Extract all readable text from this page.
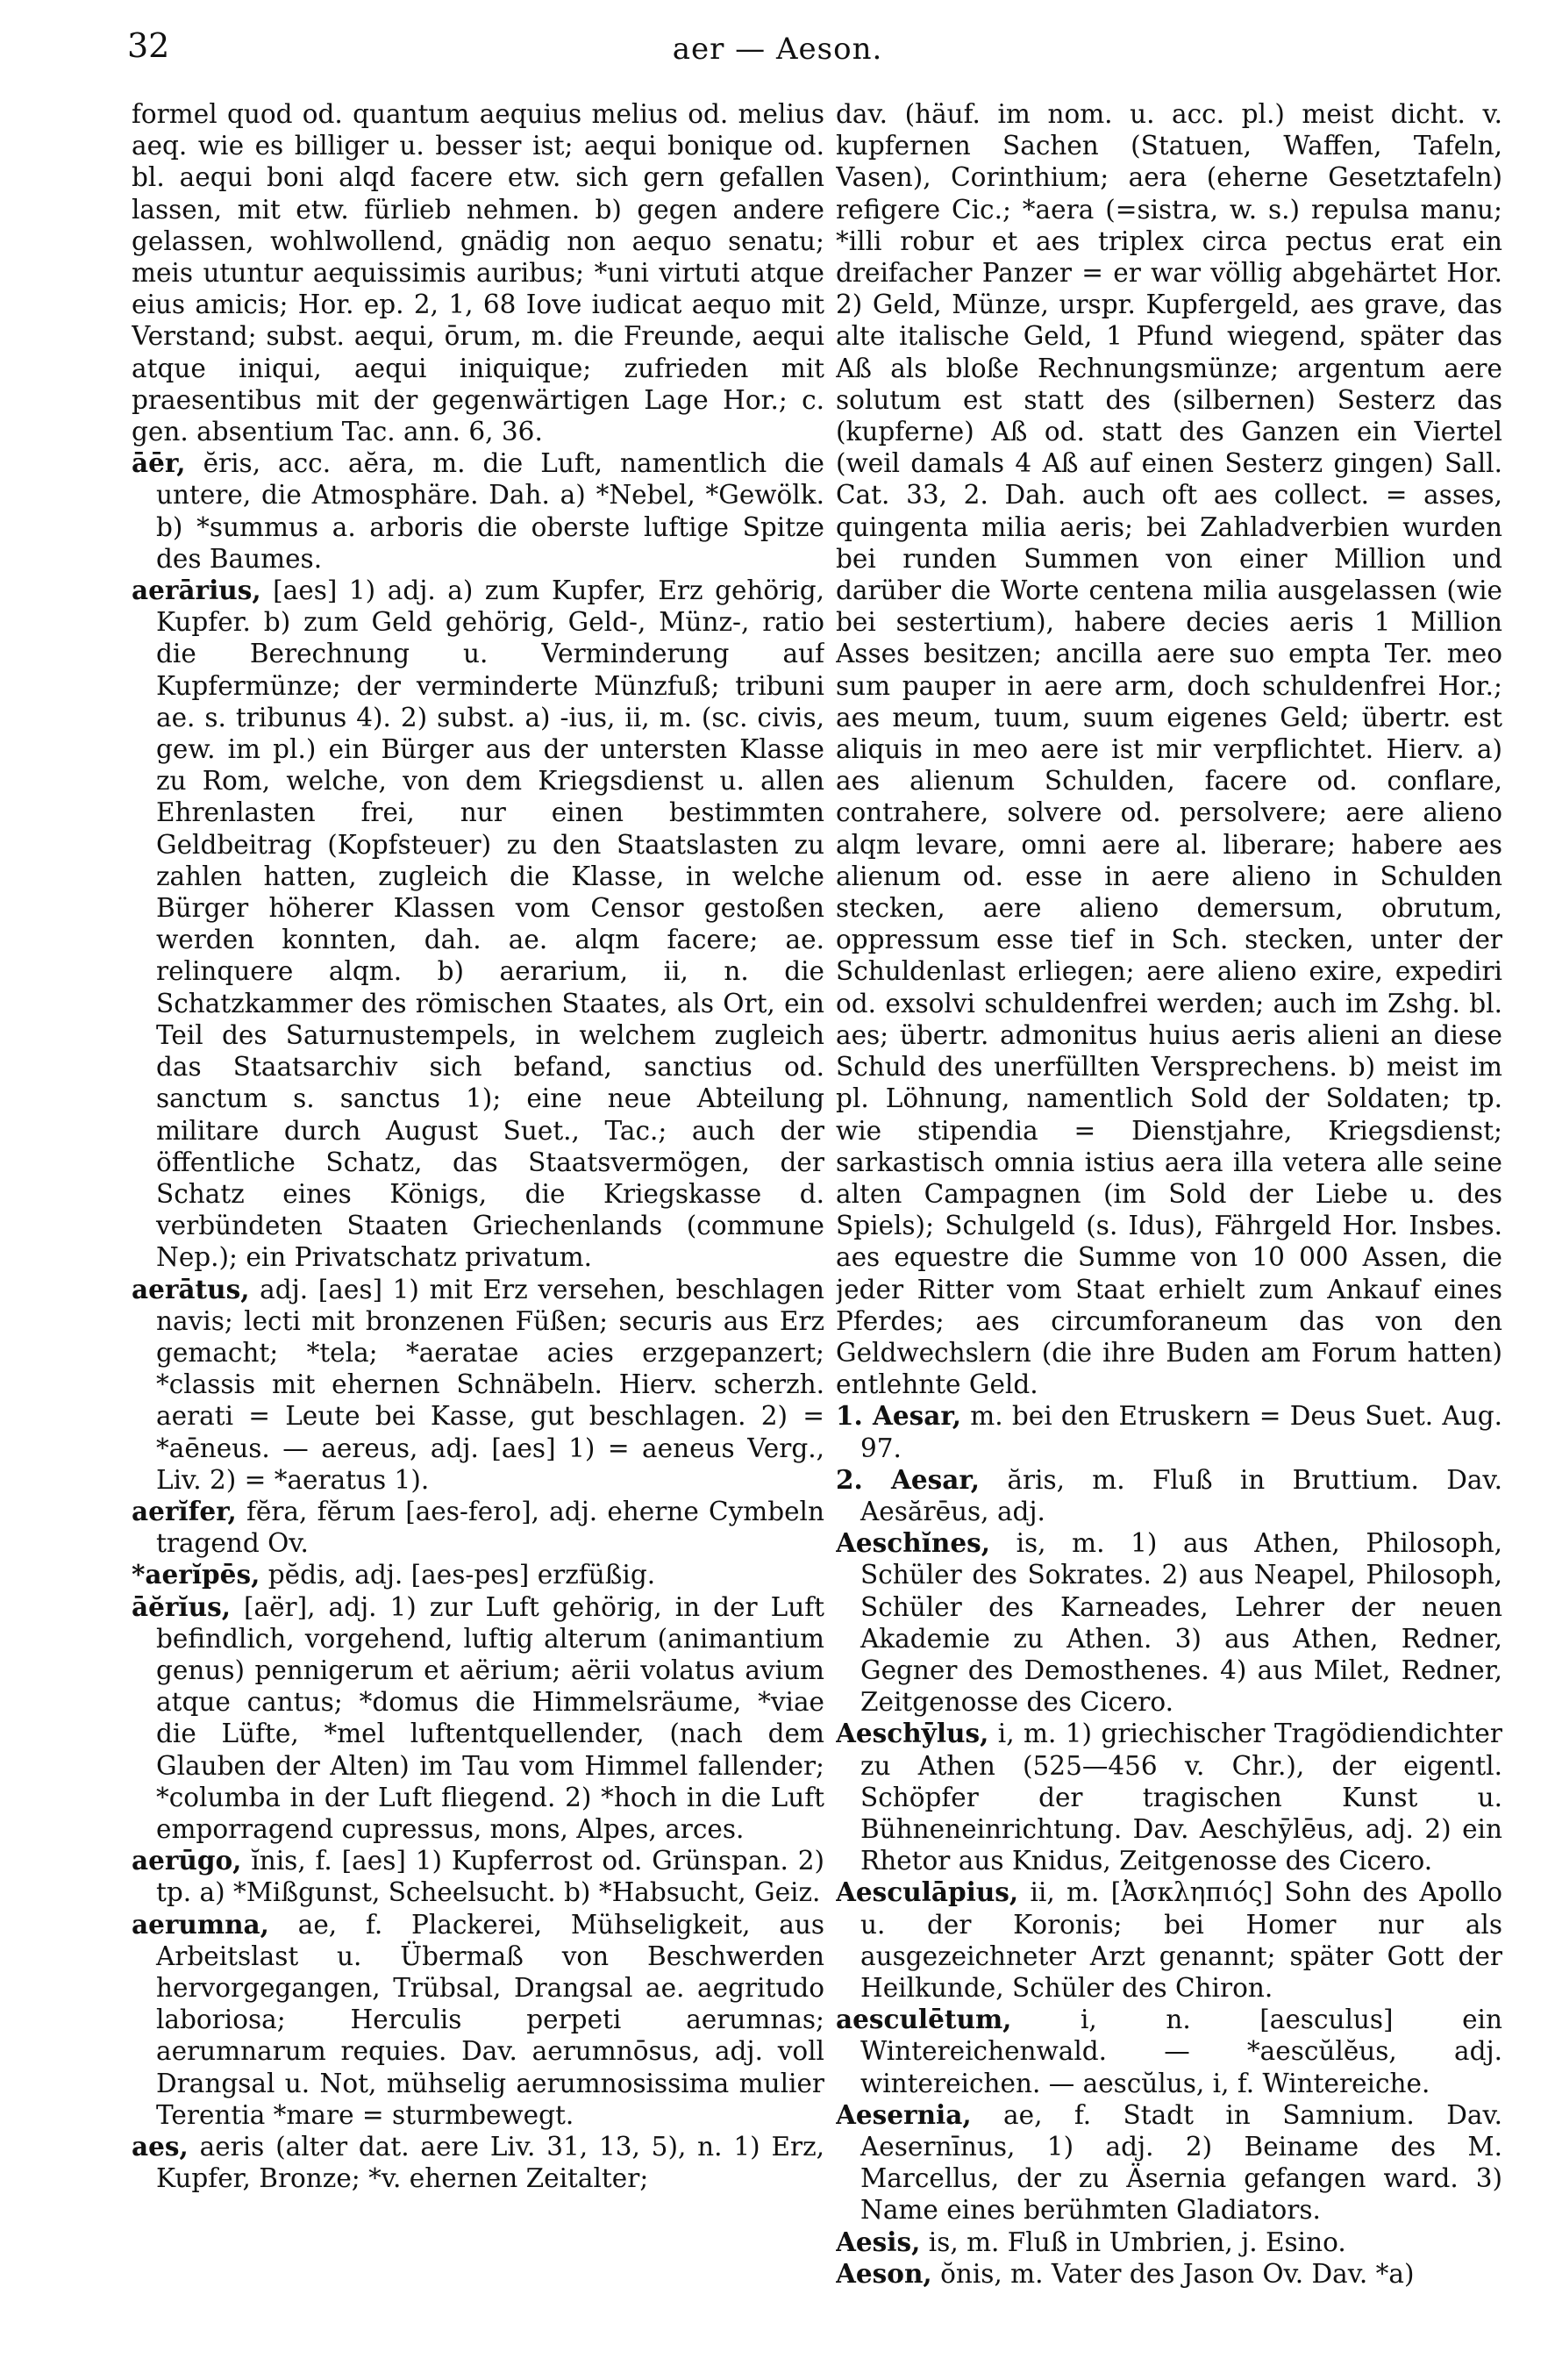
32	aer — Aeson.

formel quod od. quantum aequius melius od. melius aeq. wie es billiger u. besser ist; aequi bonique od. bl. aequi boni alqd facere etw. sich gern gefallen lassen, mit etw. fürlieb nehmen. b) gegen andere gelassen, wohlwollend, gnädig non aequo senatu; meis utuntur aequissimis auribus; *uni virtuti atque eius amicis; Hor. ep. 2, 1, 68 Iove iudicat aequo mit Verstand; subst. aequi, ōrum, m. die Freunde, aequi atque iniqui, aequi iniquique; zufrieden mit praesentibus mit der gegenwärtigen Lage Hor.; c. gen. absentium Tac. ann. 6, 36.

āēr, ĕris, acc. aĕra, m. die Luft, namentlich die untere, die Atmosphäre. Dah. a) *Nebel, *Gewölk. b) *summus a. arboris die oberste luftige Spitze des Baumes.

aerārius, [aes] 1) adj. a) zum Kupfer, Erz gehörig, Kupfer. b) zum Geld gehörig, Geld-, Münz-, ratio die Berechnung u. Verminderung auf Kupfermünze; der verminderte Münzfuß; tribuni ae. s. tribunus 4). 2) subst. a) -ius, ii, m. (sc. civis, gew. im pl.) ein Bürger aus der untersten Klasse zu Rom, welche, von dem Kriegsdienst u. allen Ehrenlasten frei, nur einen bestimmten Geldbeitrag (Kopfsteuer) zu den Staatslasten zu zahlen hatten, zugleich die Klasse, in welche Bürger höherer Klassen vom Censor gestoßen werden konnten, dah. ae. alqm facere; ae. relinquere alqm. b) aerarium, ii, n. die Schatzkammer des römischen Staates, als Ort, ein Teil des Saturnustempels, in welchem zugleich das Staatsarchiv sich befand, sanctius od. sanctum s. sanctus 1); eine neue Abteilung militare durch August Suet., Tac.; auch der öffentliche Schatz, das Staatsvermögen, der Schatz eines Königs, die Kriegskasse d. verbündeten Staaten Griechenlands (commune Nep.); ein Privatschatz privatum.

aerātus, adj. [aes] 1) mit Erz versehen, beschlagen navis; lecti mit bronzenen Füßen; securis aus Erz gemacht; *tela; *aeratae acies erzgepanzert; *classis mit ehernen Schnäbeln. Hierv. scherzh. aerati = Leute bei Kasse, gut beschlagen. 2) = *aēneus. — aereus, adj. [aes] 1) = aeneus Verg., Liv. 2) = *aeratus 1).

aerĭfer, fĕra, fĕrum [aes-fero], adj. eherne Cymbeln tragend Ov.

*aerĭpēs, pĕdis, adj. [aes-pes] erzfüßig.

āĕrĭus, [aër], adj. 1) zur Luft gehörig, in der Luft befindlich, vorgehend, luftig alterum (animantium genus) pennigerum et aërium; aërii volatus avium atque cantus; *domus die Himmelsräume, *viae die Lüfte, *mel luftentquellender, (nach dem Glauben der Alten) im Tau vom Himmel fallender; *columba in der Luft fliegend. 2) *hoch in die Luft emporragend cupressus, mons, Alpes, arces.

aerūgo, ĭnis, f. [aes] 1) Kupferrost od. Grünspan. 2) tp. a) *Mißgunst, Scheelsucht. b) *Habsucht, Geiz.

aerumna, ae, f. Plackerei, Mühseligkeit, aus Arbeitslast u. Übermaß von Beschwerden hervorgegangen, Trübsal, Drangsal ae. aegritudo laboriosa; Herculis perpeti aerumnas; aerumnarum requies. Dav. aerumnōsus, adj. voll Drangsal u. Not, mühselig aerumnosissima mulier Terentia *mare = sturmbewegt.

aes, aeris (alter dat. aere Liv. 31, 13, 5), n. 1) Erz, Kupfer, Bronze; *v. ehernen Zeitalter;

dav. (häuf. im nom. u. acc. pl.) meist dicht. v. kupfernen Sachen (Statuen, Waffen, Tafeln, Vasen), Corinthium; aera (eherne Gesetztafeln) refigere Cic.; *aera (=sistra, w. s.) repulsa manu; *illi robur et aes triplex circa pectus erat ein dreifacher Panzer = er war völlig abgehärtet Hor. 2) Geld, Münze, urspr. Kupfergeld, aes grave, das alte italische Geld, 1 Pfund wiegend, später das Aß als bloße Rechnungsmünze; argentum aere solutum est statt des (silbernen) Sesterz das (kupferne) Aß od. statt des Ganzen ein Viertel (weil damals 4 Aß auf einen Sesterz gingen) Sall. Cat. 33, 2. Dah. auch oft aes collect. = asses, quingenta milia aeris; bei Zahladverbien wurden bei runden Summen von einer Million und darüber die Worte centena milia ausgelassen (wie bei sestertium), habere decies aeris 1 Million Asses besitzen; ancilla aere suo empta Ter. meo sum pauper in aere arm, doch schuldenfrei Hor.; aes meum, tuum, suum eigenes Geld; übertr. est aliquis in meo aere ist mir verpflichtet. Hierv. a) aes alienum Schulden, facere od. conflare, contrahere, solvere od. persolvere; aere alieno alqm levare, omni aere al. liberare; habere aes alienum od. esse in aere alieno in Schulden stecken, aere alieno demersum, obrutum, oppressum esse tief in Sch. stecken, unter der Schuldenlast erliegen; aere alieno exire, expediri od. exsolvi schuldenfrei werden; auch im Zshg. bl. aes; übertr. admonitus huius aeris alieni an diese Schuld des unerfüllten Versprechens. b) meist im pl. Löhnung, namentlich Sold der Soldaten; tp. wie stipendia = Dienstjahre, Kriegsdienst; sarkastisch omnia istius aera illa vetera alle seine alten Campagnen (im Sold der Liebe u. des Spiels); Schulgeld (s. Idus), Fährgeld Hor. Insbes. aes equestre die Summe von 10 000 Assen, die jeder Ritter vom Staat erhielt zum Ankauf eines Pferdes; aes circumforaneum das von den Geldwechslern (die ihre Buden am Forum hatten) entlehnte Geld.

1. Aesar, m. bei den Etruskern = Deus Suet. Aug. 97.

2. Aesar, ăris, m. Fluß in Bruttium. Dav. Aesărēus, adj.

Aeschĭnes, is, m. 1) aus Athen, Philosoph, Schüler des Sokrates. 2) aus Neapel, Philosoph, Schüler des Karneades, Lehrer der neuen Akademie zu Athen. 3) aus Athen, Redner, Gegner des Demosthenes. 4) aus Milet, Redner, Zeitgenosse des Cicero.

Aeschȳlus, i, m. 1) griechischer Tragödiendichter zu Athen (525—456 v. Chr.), der eigentl. Schöpfer der tragischen Kunst u. Bühneneinrichtung. Dav. Aeschȳlēus, adj. 2) ein Rhetor aus Knidus, Zeitgenosse des Cicero.

Aesculāpius, ii, m. [Ἀσκληπιός] Sohn des Apollo u. der Koronis; bei Homer nur als ausgezeichneter Arzt genannt; später Gott der Heilkunde, Schüler des Chiron.

aesculētum,	i, n. [aesculus] ein Wintereichenwald. — *aescŭlĕus, adj. wintereichen. — aescŭlus, i, f. Wintereiche.

Aesernia, ae, f. Stadt in Samnium. Dav. Aesernīnus, 1) adj. 2) Beiname des M. Marcellus, der zu Äsernia gefangen ward. 3) Name eines berühmten Gladiators.

Aesis, is, m. Fluß in Umbrien, j. Esino.

Aeson, ŏnis, m. Vater des Jason Ov. Dav. *a)
